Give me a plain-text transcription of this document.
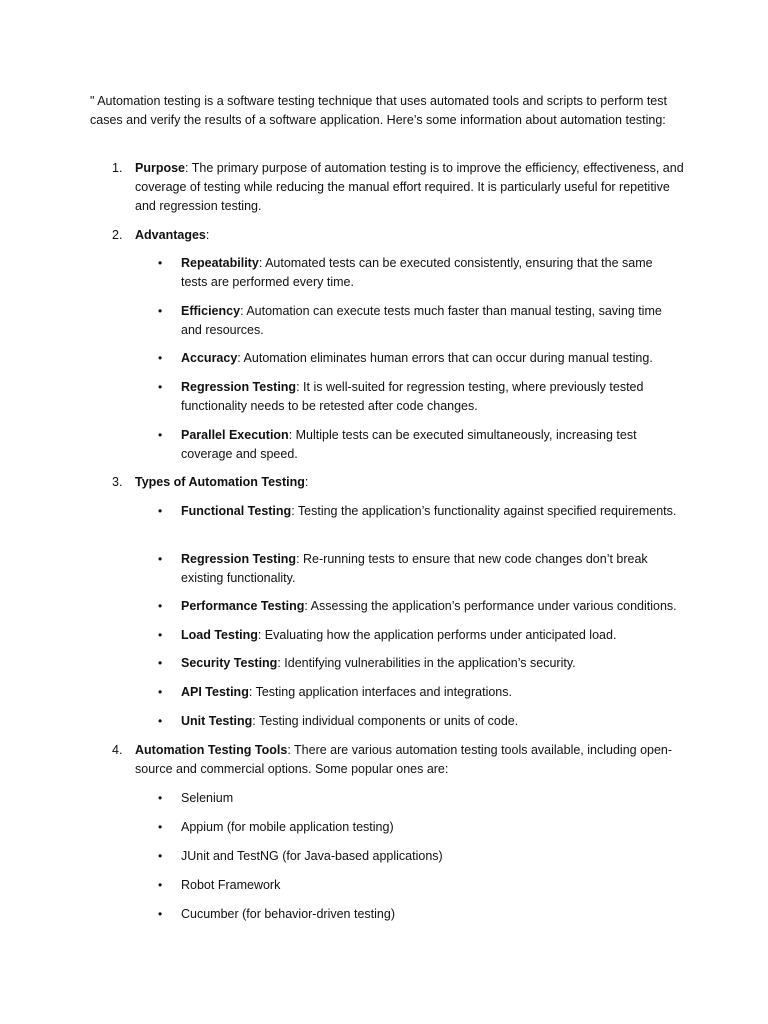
" Automation testing is a software testing technique that uses automated tools and scripts to perform test cases and verify the results of a software application. Here’s some information about automation testing:

1.	Purpose: The primary purpose of automation testing is to improve the efficiency, effectiveness, and coverage of testing while reducing the manual effort required. It is particularly useful for repetitive and regression testing.
2.	Advantages:
•	Repeatability: Automated tests can be executed consistently, ensuring that the same tests are performed every time.
•	Efficiency: Automation can execute tests much faster than manual testing, saving time and resources.
•	Accuracy: Automation eliminates human errors that can occur during manual testing.
•	Regression Testing: It is well-suited for regression testing, where previously tested functionality needs to be retested after code changes.
•	Parallel Execution: Multiple tests can be executed simultaneously, increasing test coverage and speed.
3.	Types of Automation Testing:
•	Functional Testing: Testing the application’s functionality against specified requirements.
•	Regression Testing: Re-running tests to ensure that new code changes don’t break existing functionality.
•	Performance Testing: Assessing the application’s performance under various conditions.
•	Load Testing: Evaluating how the application performs under anticipated load.
•	Security Testing: Identifying vulnerabilities in the application’s security.
•	API Testing: Testing application interfaces and integrations.
•	Unit Testing: Testing individual components or units of code.
4.	Automation Testing Tools: There are various automation testing tools available, including open-source and commercial options. Some popular ones are:
•	Selenium
•	Appium (for mobile application testing)
•	JUnit and TestNG (for Java-based applications)
•	Robot Framework
•	Cucumber (for behavior-driven testing)
